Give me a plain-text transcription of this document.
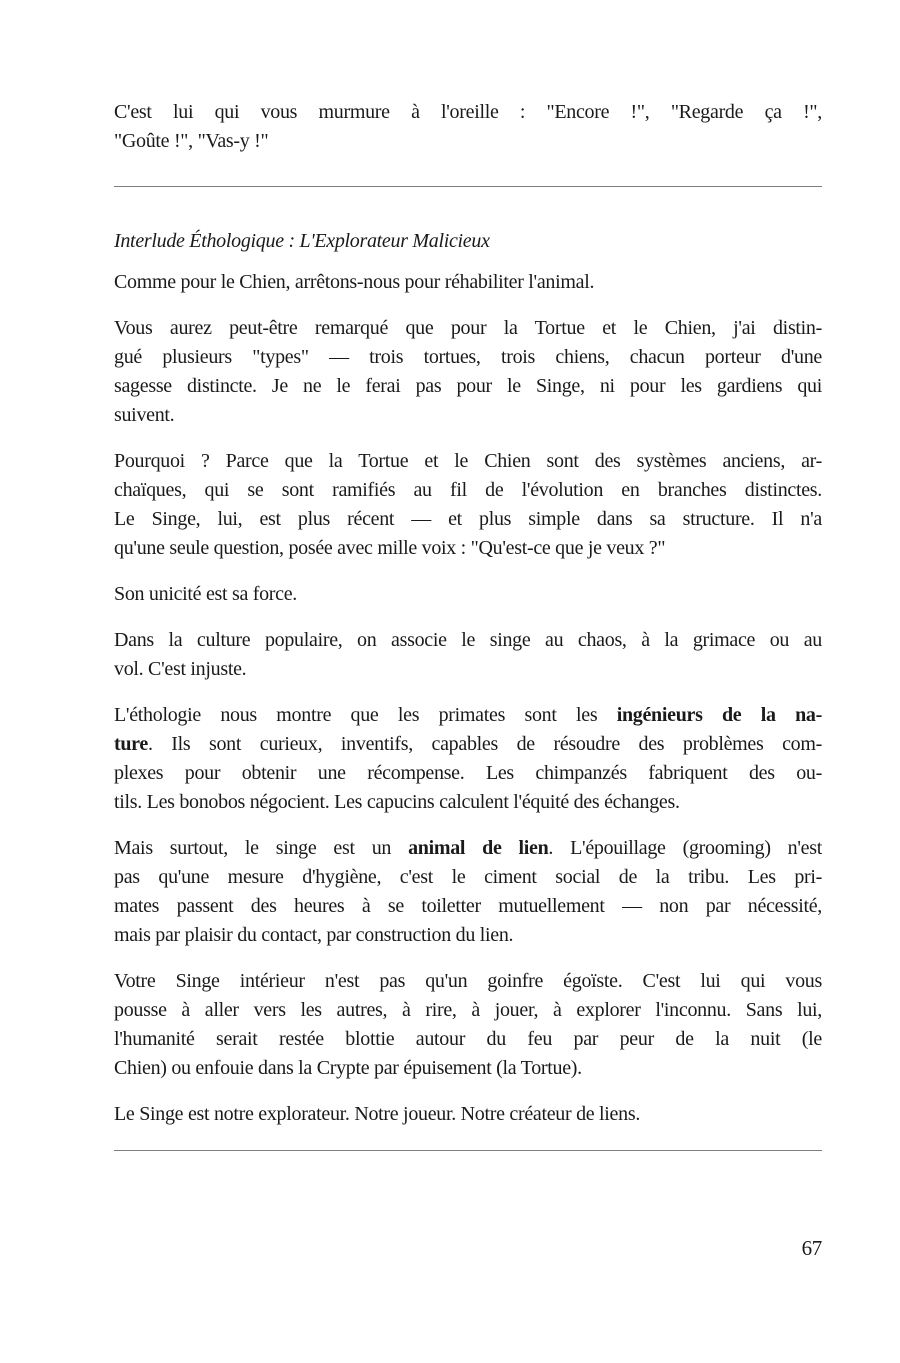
C'est lui qui vous murmure à l'oreille : "Encore !", "Regarde ça !",
"Goûte !", "Vas-y !"
Interlude Éthologique : L'Explorateur Malicieux
Comme pour le Chien, arrêtons-nous pour réhabiliter l'animal.
Vous aurez peut-être remarqué que pour la Tortue et le Chien, j'ai distin-
gué plusieurs "types" — trois tortues, trois chiens, chacun porteur d'une
sagesse distincte. Je ne le ferai pas pour le Singe, ni pour les gardiens qui
suivent.
Pourquoi ? Parce que la Tortue et le Chien sont des systèmes anciens, ar-
chaïques, qui se sont ramifiés au fil de l'évolution en branches distinctes.
Le Singe, lui, est plus récent — et plus simple dans sa structure. Il n'a
qu'une seule question, posée avec mille voix : "Qu'est-ce que je veux ?"
Son unicité est sa force.
Dans la culture populaire, on associe le singe au chaos, à la grimace ou au
vol. C'est injuste.
L'éthologie nous montre que les primates sont les ingénieurs de la na-
ture. Ils sont curieux, inventifs, capables de résoudre des problèmes com-
plexes pour obtenir une récompense. Les chimpanzés fabriquent des ou-
tils. Les bonobos négocient. Les capucins calculent l'équité des échanges.
Mais surtout, le singe est un animal de lien. L'épouillage (grooming) n'est
pas qu'une mesure d'hygiène, c'est le ciment social de la tribu. Les pri-
mates passent des heures à se toiletter mutuellement — non par nécessité,
mais par plaisir du contact, par construction du lien.
Votre Singe intérieur n'est pas qu'un goinfre égoïste. C'est lui qui vous
pousse à aller vers les autres, à rire, à jouer, à explorer l'inconnu. Sans lui,
l'humanité serait restée blottie autour du feu par peur de la nuit (le
Chien) ou enfouie dans la Crypte par épuisement (la Tortue).
Le Singe est notre explorateur. Notre joueur. Notre créateur de liens.
67
